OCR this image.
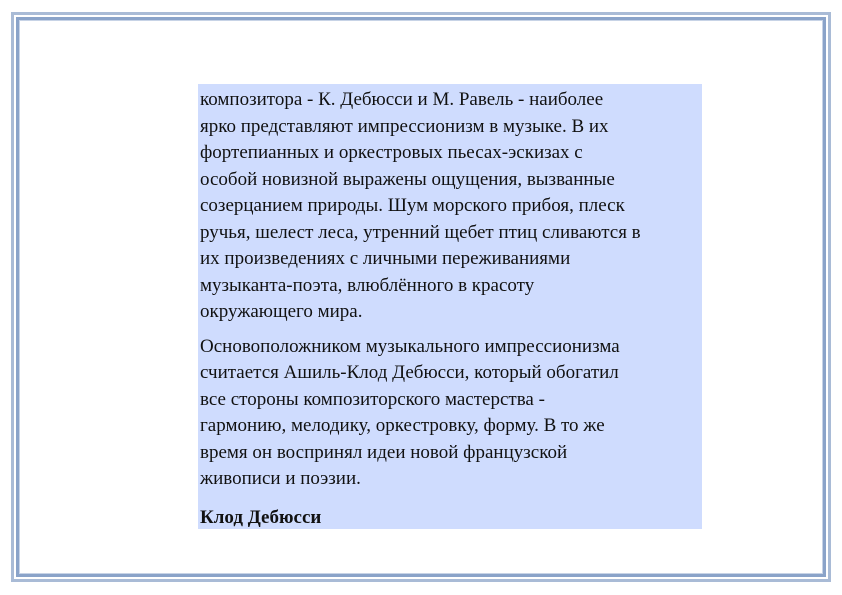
композитора - К. Дебюсси и М. Равель - наиболее
ярко представляют импрессионизм в музыке. В их
фортепианных и оркестровых пьесах-эскизах с
особой новизной выражены ощущения, вызванные
созерцанием природы. Шум морского прибоя, плеск
ручья, шелест леса, утренний щебет птиц сливаются в
их произведениях с личными переживаниями
музыканта-поэта, влюблённого в красоту
окружающего мира.

Основоположником музыкального импрессионизма
считается Ашиль-Клод Дебюсси, который обогатил
все стороны композиторского мастерства -
гармонию, мелодику, оркестровку, форму. В то же
время он воспринял идеи новой французской
живописи и поэзии.

Клод Дебюсси
